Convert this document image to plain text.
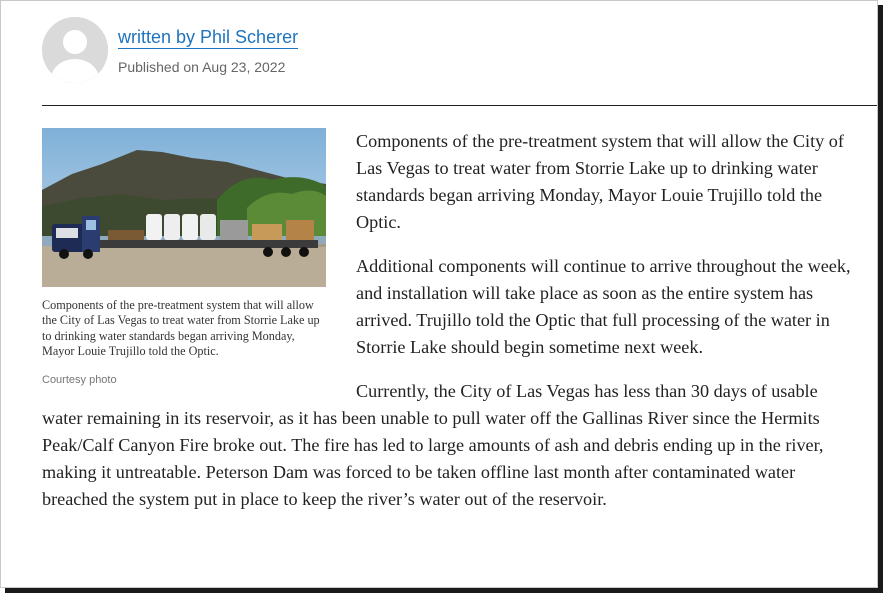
written by Phil Scherer
Published on Aug 23, 2022
Components of the pre-treatment system that will allow the City of Las Vegas to treat water from Storrie Lake up to drinking water standards began arriving Monday, Mayor Louie Trujillo told the Optic.
Courtesy photo

Components of the pre-treatment system that will allow the City of Las Vegas to treat water from Storrie Lake up to drinking water standards began arriving Monday, Mayor Louie Trujillo told the Optic.

Additional components will continue to arrive throughout the week, and installation will take place as soon as the entire system has arrived. Trujillo told the Optic that full processing of the water in Storrie Lake should begin sometime next week.

Currently, the City of Las Vegas has less than 30 days of usable water remaining in its reservoir, as it has been unable to pull water off the Gallinas River since the Hermits Peak/Calf Canyon Fire broke out. The fire has led to large amounts of ash and debris ending up in the river, making it untreatable. Peterson Dam was forced to be taken offline last month after contaminated water breached the system put in place to keep the river’s water out of the reservoir.
